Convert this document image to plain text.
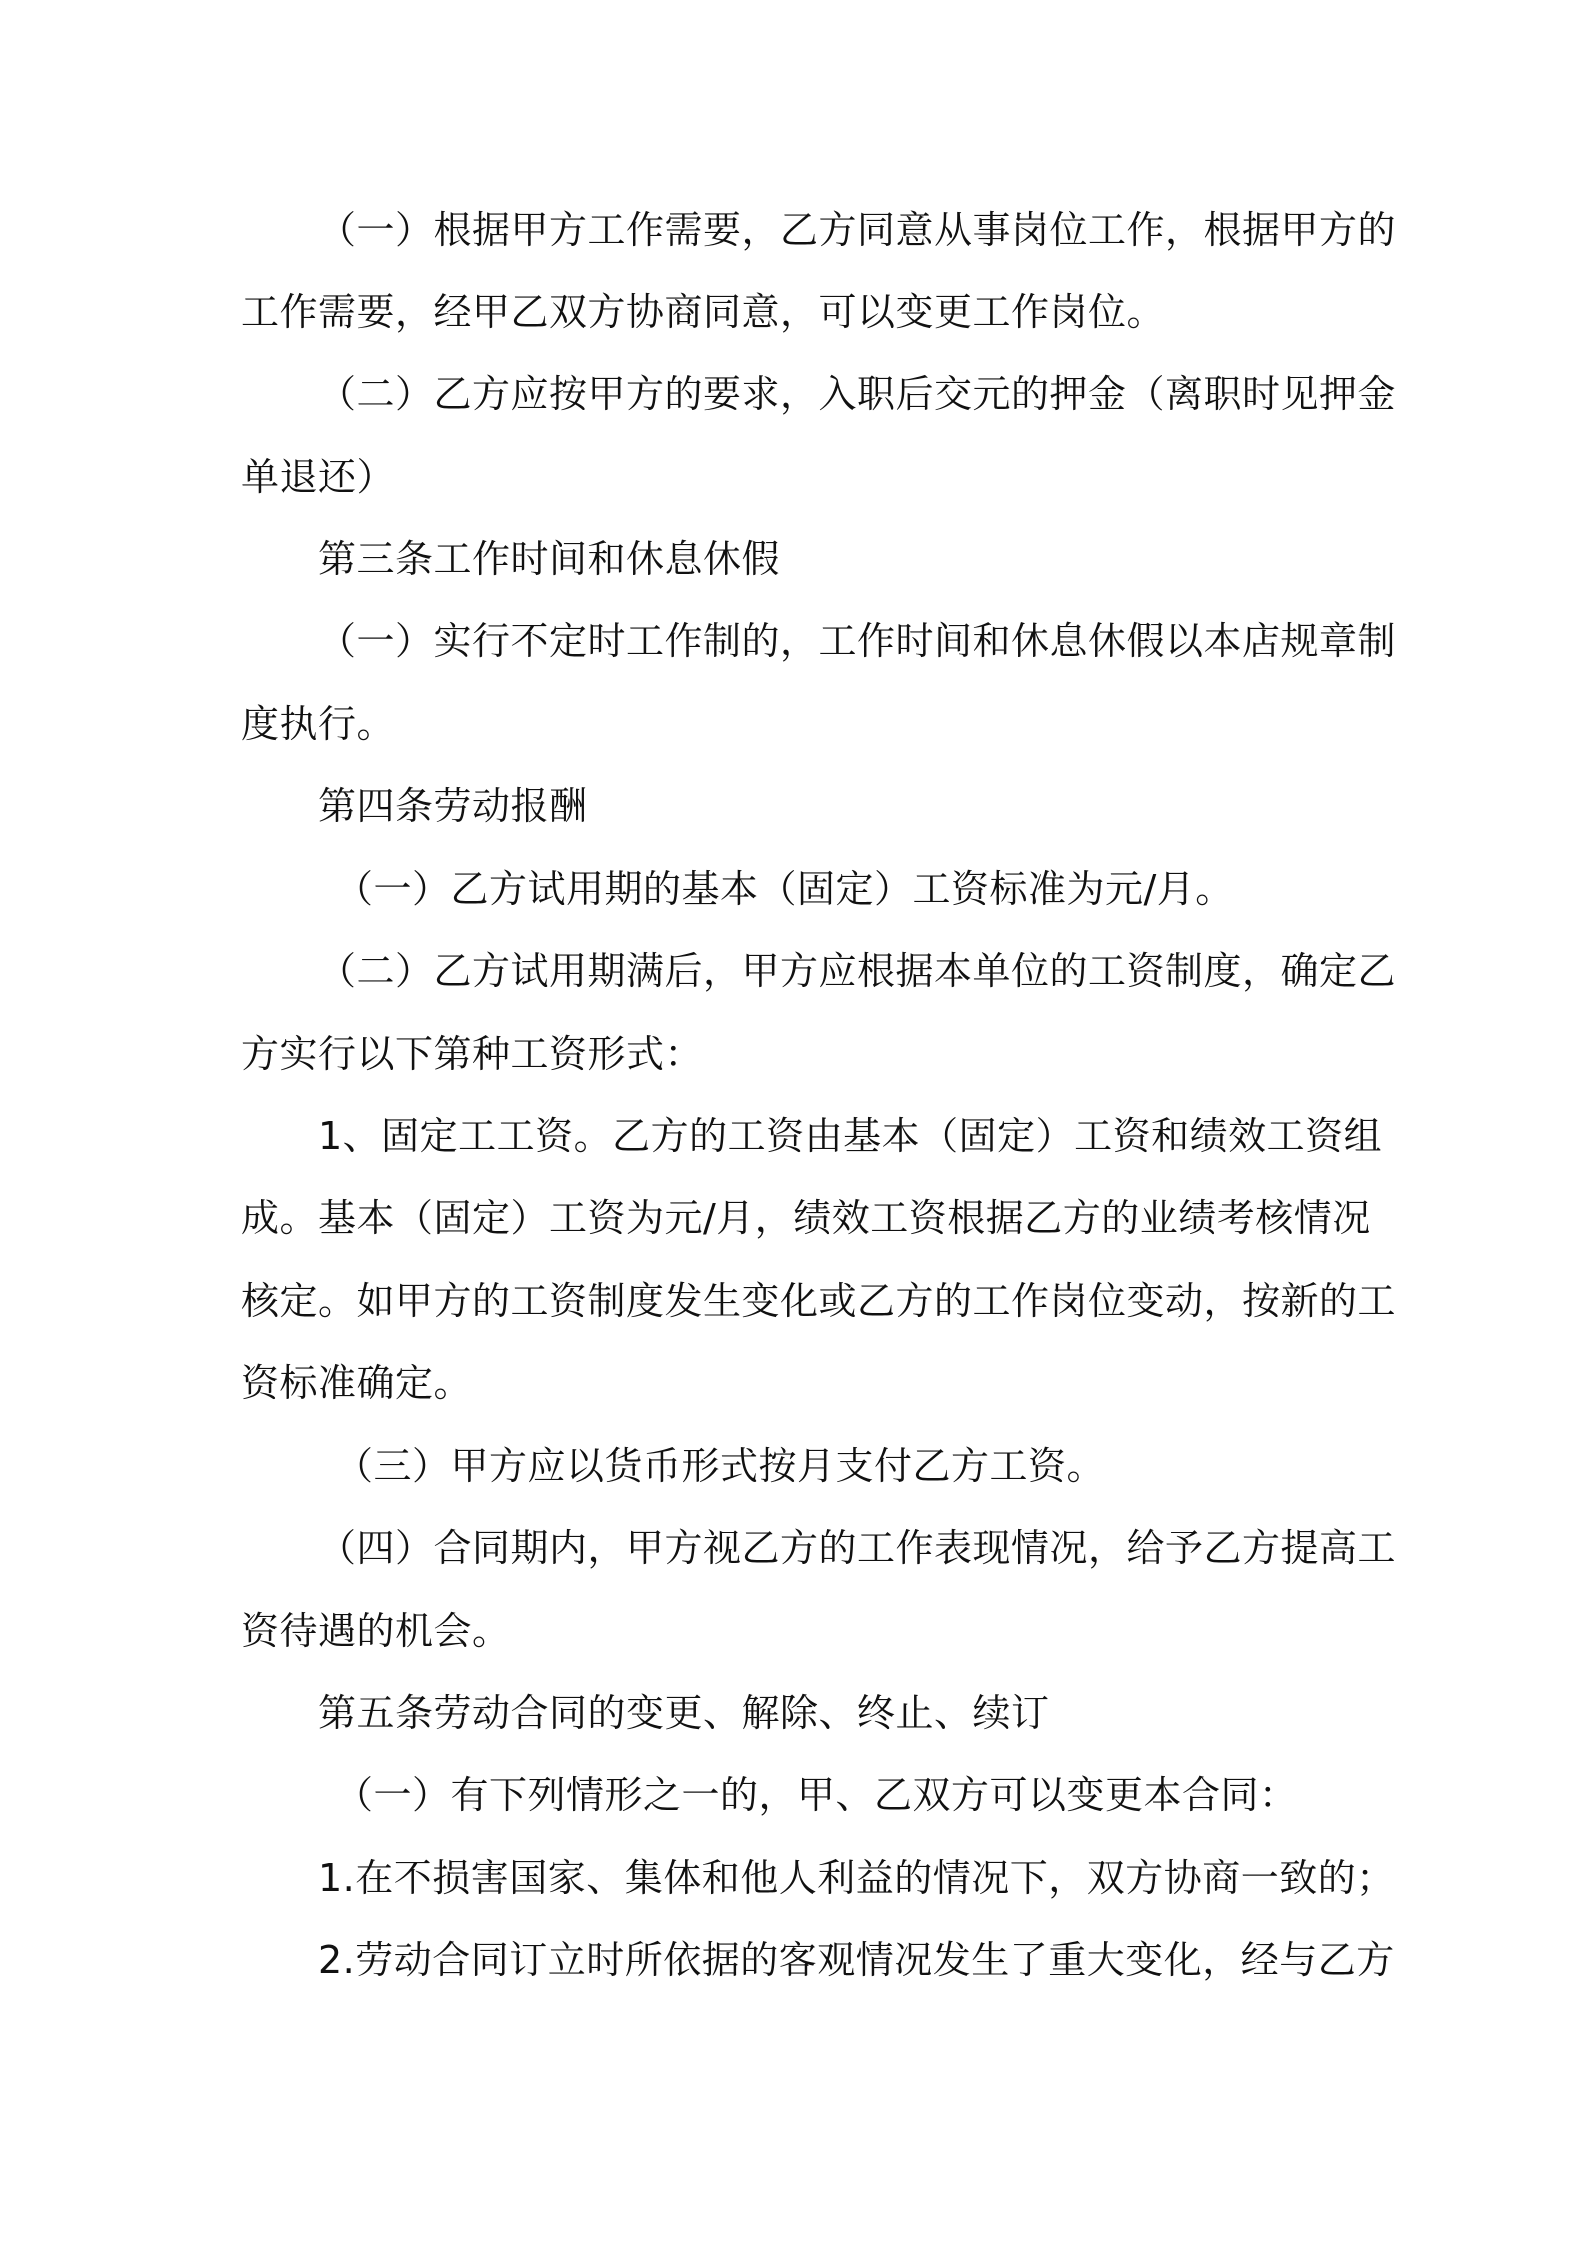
（一）根据甲方工作需要，乙方同意从事岗位工作，根据甲方的
工作需要，经甲乙双方协商同意，可以变更工作岗位。
（二）乙方应按甲方的要求，入职后交元的押金（离职时见押金
单退还）
第三条工作时间和休息休假
（一）实行不定时工作制的，工作时间和休息休假以本店规章制
度执行。
第四条劳动报酬
（一）乙方试用期的基本（固定）工资标准为元/月。
（二）乙方试用期满后，甲方应根据本单位的工资制度，确定乙
方实行以下第种工资形式：
1、固定工工资。乙方的工资由基本（固定）工资和绩效工资组
成。基本（固定）工资为元/月，绩效工资根据乙方的业绩考核情况
核定。如甲方的工资制度发生变化或乙方的工作岗位变动，按新的工
资标准确定。
（三）甲方应以货币形式按月支付乙方工资。
（四）合同期内，甲方视乙方的工作表现情况，给予乙方提高工
资待遇的机会。
第五条劳动合同的变更、解除、终止、续订
（一）有下列情形之一的，甲、乙双方可以变更本合同：
1.在不损害国家、集体和他人利益的情况下，双方协商一致的；
2.劳动合同订立时所依据的客观情况发生了重大变化，经与乙方
